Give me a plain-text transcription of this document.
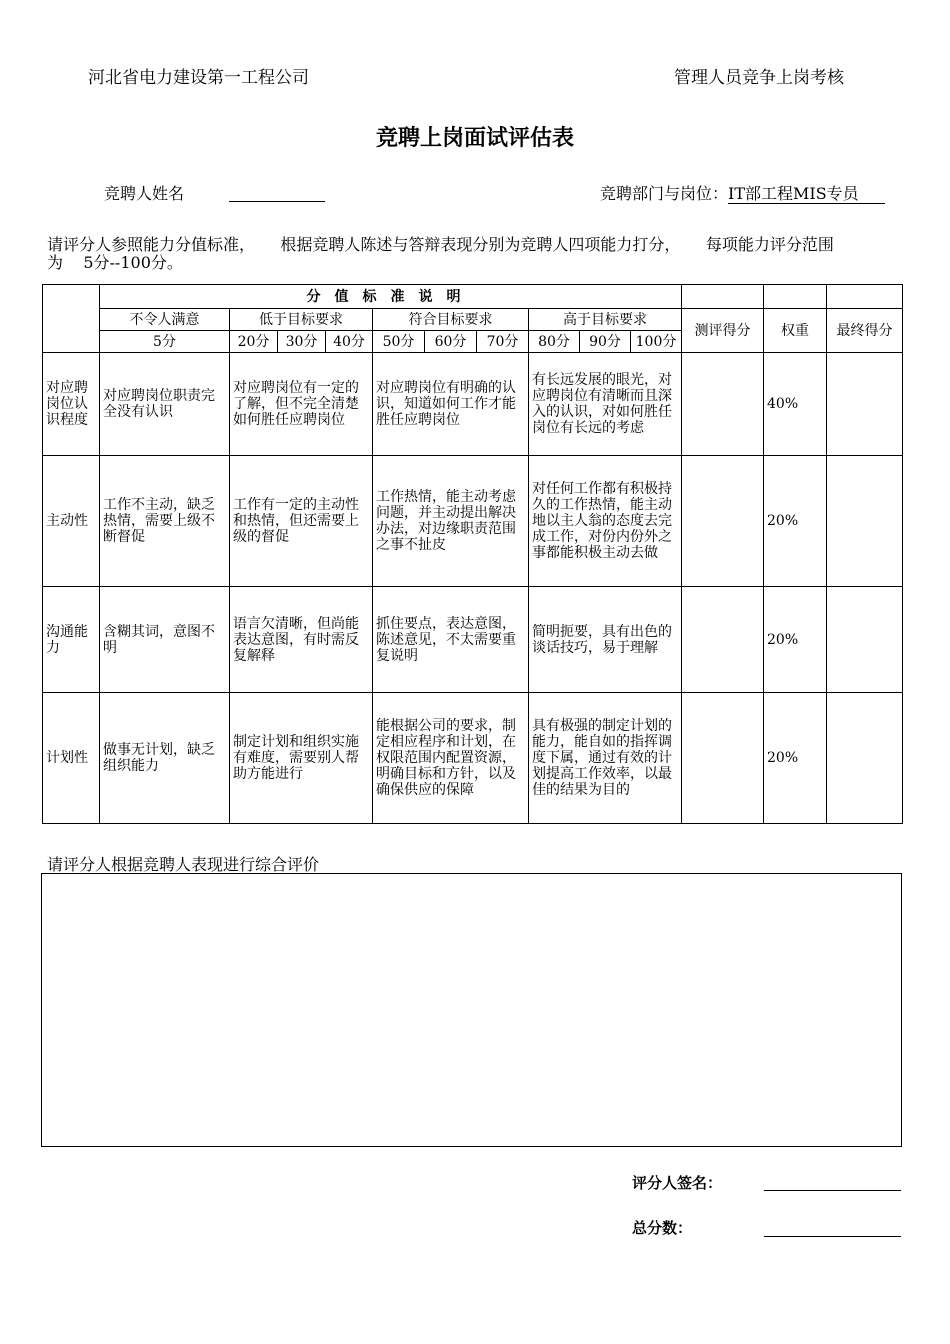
河北省电力建设第一工程公司	管理人员竞争上岗考核
竞聘上岗面试评估表
竞聘人姓名	竞聘部门与岗位：IT部工程MIS专员
请评分人参照能力分值标准，     根据竞聘人陈述与答辩表现分别为竞聘人四项能力打分，     每项能力评分范围
为    5分--100分。
	分值标准说明												
	不令人满意	低于目标要求			符合目标要求			高于目标要求			测评得分	权重	最终得分
	5分	20分	30分	40分	50分	60分	70分	80分	90分	100分			
对应聘岗位认识程度	对应聘岗位职责完全没有认识	对应聘岗位有一定的了解，但不完全清楚如何胜任应聘岗位			对应聘岗位有明确的认识，知道如何工作才能胜任应聘岗位			有长远发展的眼光，对应聘岗位有清晰而且深入的认识，对如何胜任岗位有长远的考虑				40%	
主动性	工作不主动，缺乏热情，需要上级不断督促	工作有一定的主动性和热情，但还需要上级的督促			工作热情，能主动考虑问题，并主动提出解决办法，对边缘职责范围之事不扯皮			对任何工作都有积极持久的工作热情，能主动地以主人翁的态度去完成工作，对份内份外之事都能积极主动去做				20%	
沟通能力	含糊其词，意图不明	语言欠清晰，但尚能表达意图，有时需反复解释			抓住要点，表达意图，陈述意见，不太需要重复说明			简明扼要，具有出色的谈话技巧，易于理解				20%	
计划性	做事无计划，缺乏组织能力	制定计划和组织实施有难度，需要别人帮助方能进行			能根据公司的要求，制定相应程序和计划，在权限范围内配置资源，明确目标和方针，以及确保供应的保障			具有极强的制定计划的能力，能自如的指挥调度下属，通过有效的计划提高工作效率，以最佳的结果为目的				20%	
请评分人根据竞聘人表现进行综合评价
评分人签名：
总分数：
